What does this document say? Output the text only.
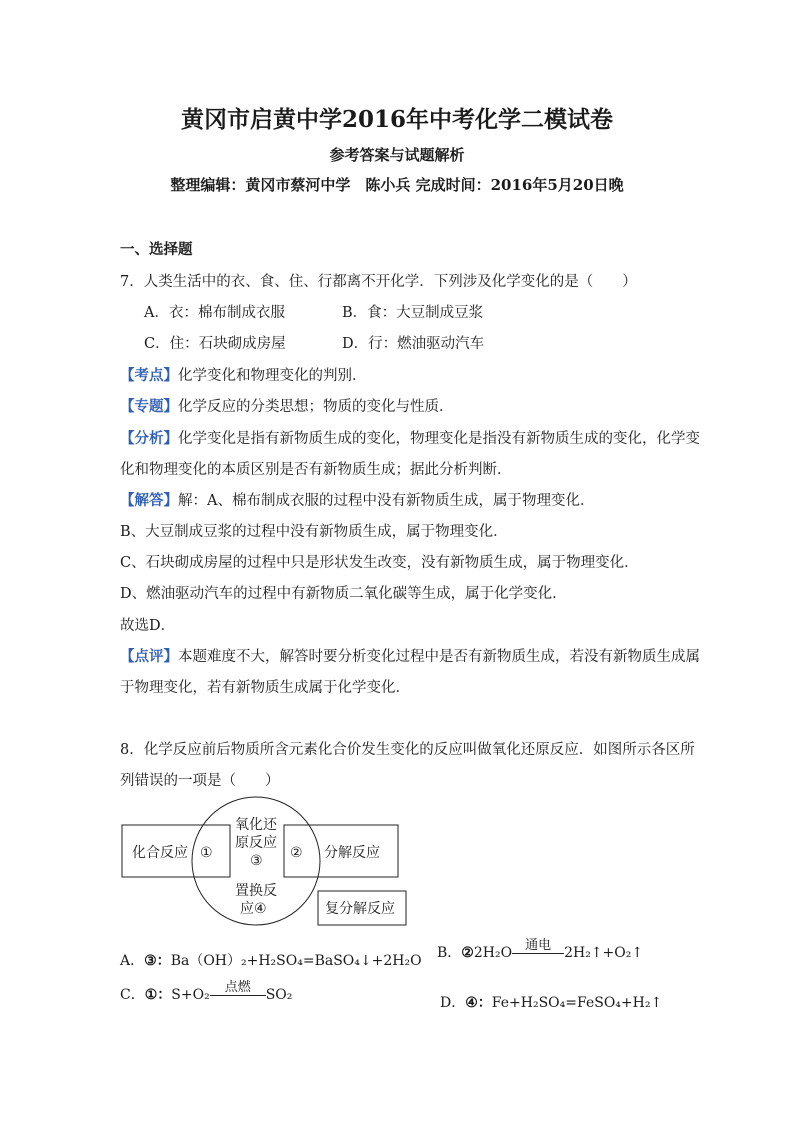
黄冈市启黄中学2016年中考化学二模试卷
参考答案与试题解析
整理编辑：黄冈市蔡河中学　陈小兵 完成时间：2016年5月20日晚
一、选择题
7．人类生活中的衣、食、住、行都离不开化学．下列涉及化学变化的是（　　）
A．衣：棉布制成衣服	B．食：大豆制成豆浆
C．住：石块砌成房屋	D．行：燃油驱动汽车
【考点】化学变化和物理变化的判别．
【专题】化学反应的分类思想；物质的变化与性质．
【分析】化学变化是指有新物质生成的变化，物理变化是指没有新物质生成的变化，化学变
化和物理变化的本质区别是否有新物质生成；据此分析判断．
【解答】解：A、棉布制成衣服的过程中没有新物质生成，属于物理变化．
B、大豆制成豆浆的过程中没有新物质生成，属于物理变化．
C、石块砌成房屋的过程中只是形状发生改变，没有新物质生成，属于物理变化．
D、燃油驱动汽车的过程中有新物质二氧化碳等生成，属于化学变化．
故选D．
【点评】本题难度不大，解答时要分析变化过程中是否有新物质生成，若没有新物质生成属
于物理变化，若有新物质生成属于化学变化．
8．化学反应前后物质所含元素化合价发生变化的反应叫做氧化还原反应．如图所示各区所
列错误的一项是（　　）
化合反应 ①
氧化还
原反应
③ ② 分解反应
置换反
应④	复分解反应
A．③：Ba（OH）₂+H₂SO₄=BaSO₄↓+2H₂O B．②2H₂O 通电 2H₂↑+O₂↑
C．①：S+O₂	点燃	SO₂	D．④：Fe+H₂SO₄=FeSO₄+H₂↑
